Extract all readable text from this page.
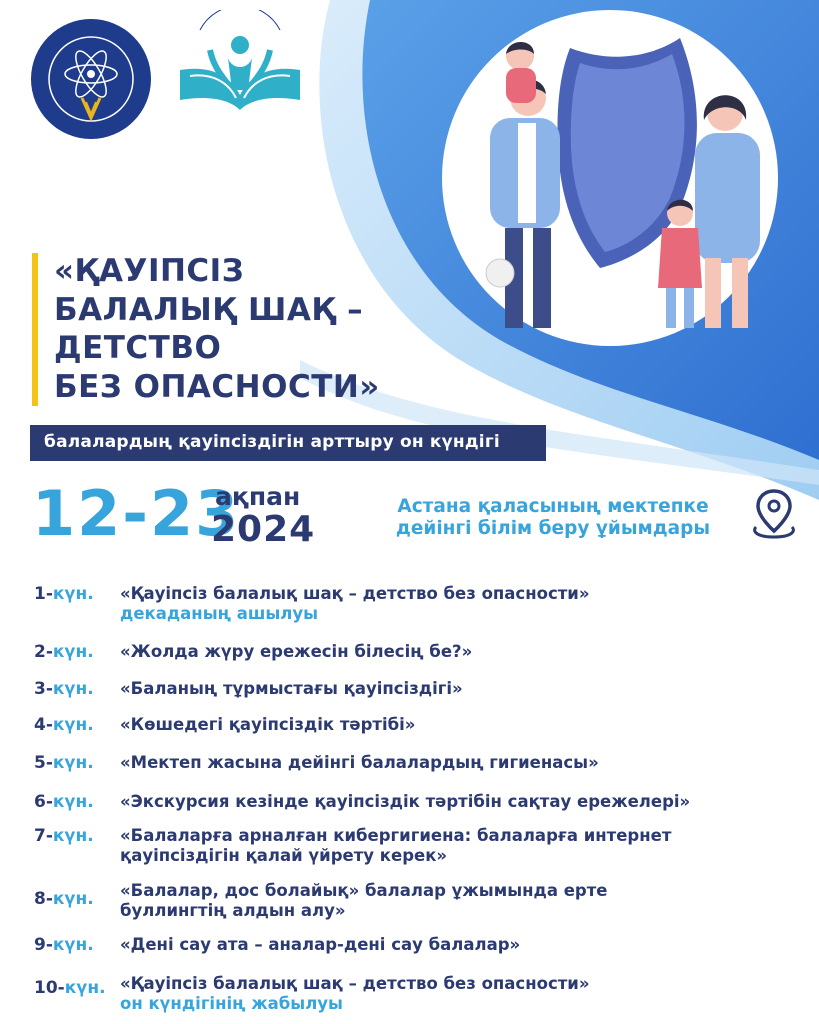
«ҚАУІПСІЗ
БАЛАЛЫҚ ШАҚ –
ДЕТСТВО
БЕЗ ОПАСНОСТИ»
балалардың қауіпсіздігін арттыру он күндігі
12-23
ақпан
2024
Астана қаласының мектепке
дейінгі білім беру ұйымдары
1-күн.	«Қауіпсіз балалық шақ – детство без опасности»
декаданың ашылуы
2-күн.	«Жолда жүру ережесін білесің бе?»
3-күн.	«Баланың тұрмыстағы қауіпсіздігі»
4-күн.	«Көшедегі қауіпсіздік тәртібі»
5-күн.	«Мектеп жасына дейінгі балалардың гигиенасы»
6-күн.	«Экскурсия кезінде қауіпсіздік тәртібін сақтау ережелері»
7-күн.	«Балаларға арналған кибергигиена: балаларға интернет
қауіпсіздігін қалай үйрету керек»
8-күн.	«Балалар, дос болайық» балалар ұжымында ерте
буллингтің алдын алу»
9-күн.	«Дені сау ата – аналар-дені сау балалар»
10-күн. «Қауіпсіз балалық шақ – детство без опасности»
он күндігінің жабылуы
